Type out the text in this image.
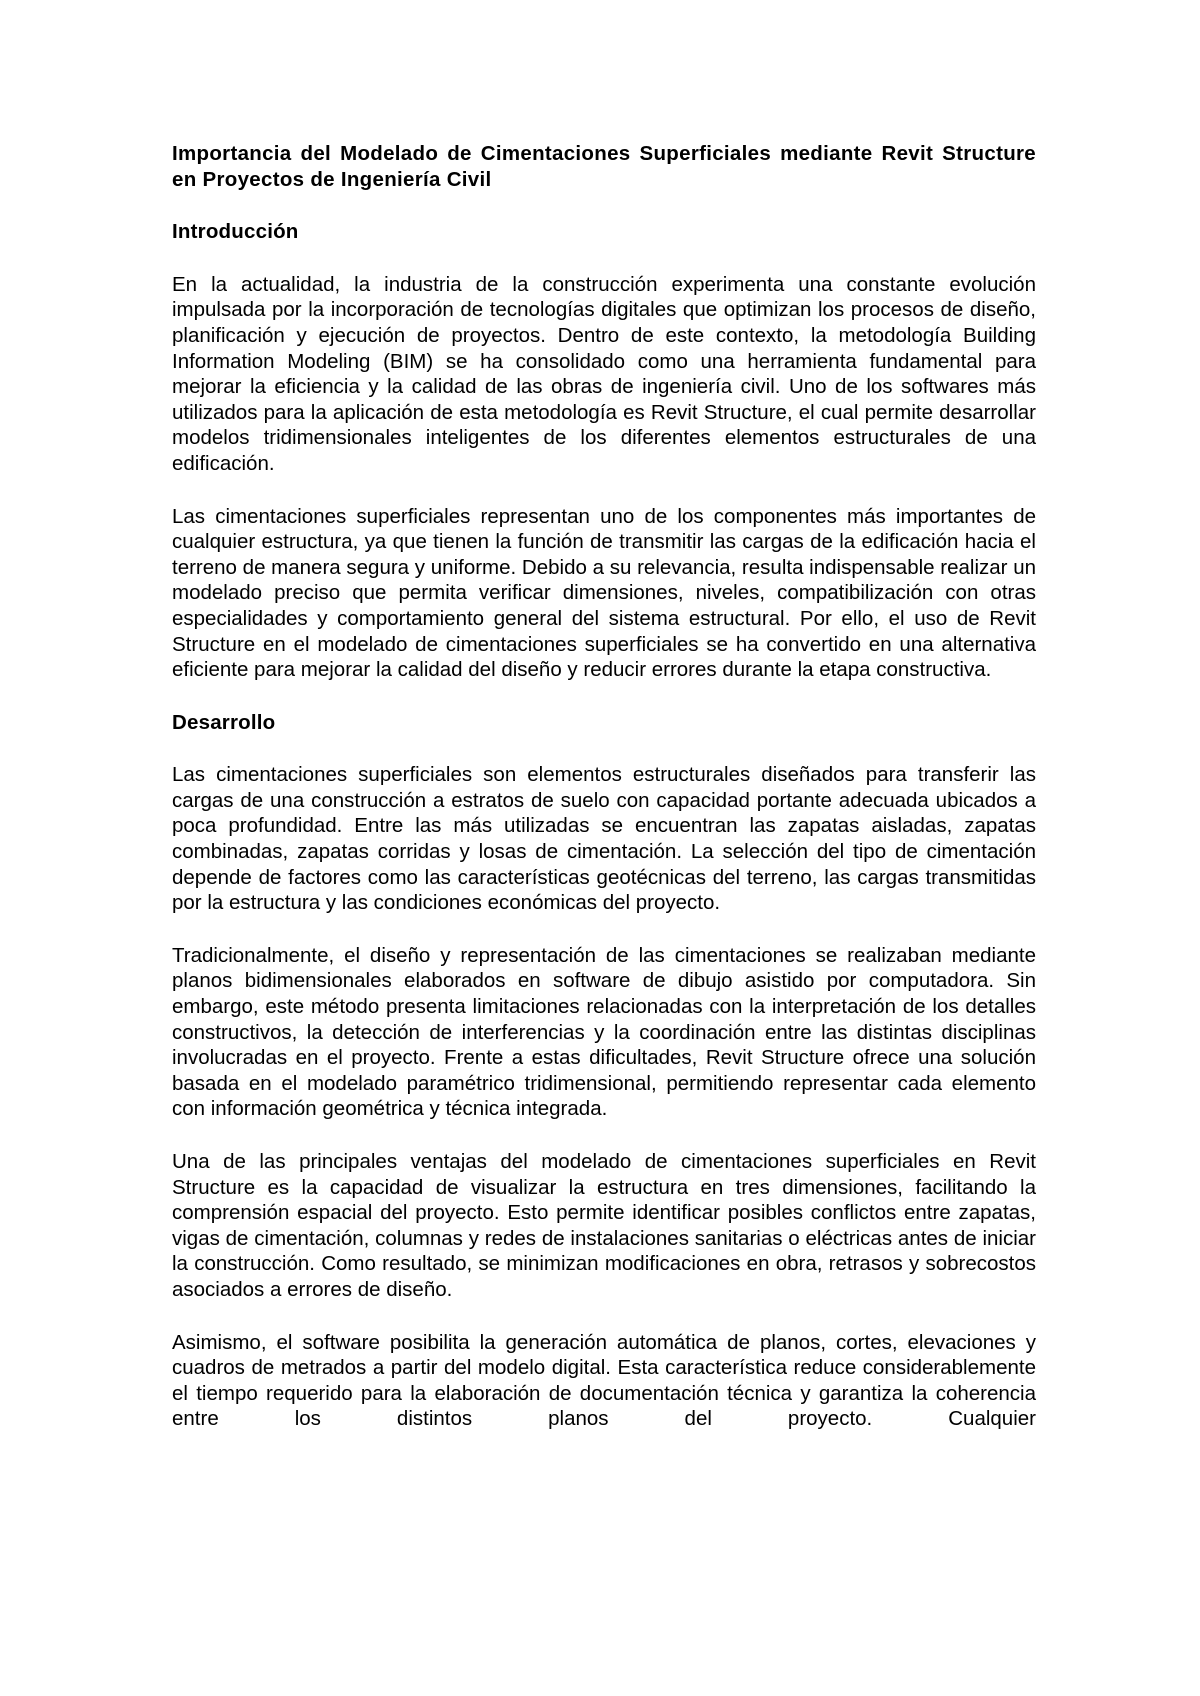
Importancia del Modelado de Cimentaciones Superficiales mediante Revit Structure en Proyectos de Ingeniería Civil

Introducción

En la actualidad, la industria de la construcción experimenta una constante evolución impulsada por la incorporación de tecnologías digitales que optimizan los procesos de diseño, planificación y ejecución de proyectos. Dentro de este contexto, la metodología Building Information Modeling (BIM) se ha consolidado como una herramienta fundamental para mejorar la eficiencia y la calidad de las obras de ingeniería civil. Uno de los softwares más utilizados para la aplicación de esta metodología es Revit Structure, el cual permite desarrollar modelos tridimensionales inteligentes de los diferentes elementos estructurales de una edificación.

Las cimentaciones superficiales representan uno de los componentes más importantes de cualquier estructura, ya que tienen la función de transmitir las cargas de la edificación hacia el terreno de manera segura y uniforme. Debido a su relevancia, resulta indispensable realizar un modelado preciso que permita verificar dimensiones, niveles, compatibilización con otras especialidades y comportamiento general del sistema estructural. Por ello, el uso de Revit Structure en el modelado de cimentaciones superficiales se ha convertido en una alternativa eficiente para mejorar la calidad del diseño y reducir errores durante la etapa constructiva.

Desarrollo

Las cimentaciones superficiales son elementos estructurales diseñados para transferir las cargas de una construcción a estratos de suelo con capacidad portante adecuada ubicados a poca profundidad. Entre las más utilizadas se encuentran las zapatas aisladas, zapatas combinadas, zapatas corridas y losas de cimentación. La selección del tipo de cimentación depende de factores como las características geotécnicas del terreno, las cargas transmitidas por la estructura y las condiciones económicas del proyecto.

Tradicionalmente, el diseño y representación de las cimentaciones se realizaban mediante planos bidimensionales elaborados en software de dibujo asistido por computadora. Sin embargo, este método presenta limitaciones relacionadas con la interpretación de los detalles constructivos, la detección de interferencias y la coordinación entre las distintas disciplinas involucradas en el proyecto. Frente a estas dificultades, Revit Structure ofrece una solución basada en el modelado paramétrico tridimensional, permitiendo representar cada elemento con información geométrica y técnica integrada.

Una de las principales ventajas del modelado de cimentaciones superficiales en Revit Structure es la capacidad de visualizar la estructura en tres dimensiones, facilitando la comprensión espacial del proyecto. Esto permite identificar posibles conflictos entre zapatas, vigas de cimentación, columnas y redes de instalaciones sanitarias o eléctricas antes de iniciar la construcción. Como resultado, se minimizan modificaciones en obra, retrasos y sobrecostos asociados a errores de diseño.

Asimismo, el software posibilita la generación automática de planos, cortes, elevaciones y cuadros de metrados a partir del modelo digital. Esta característica reduce considerablemente el tiempo requerido para la elaboración de documentación técnica y garantiza la coherencia entre los distintos planos del proyecto. Cualquier
